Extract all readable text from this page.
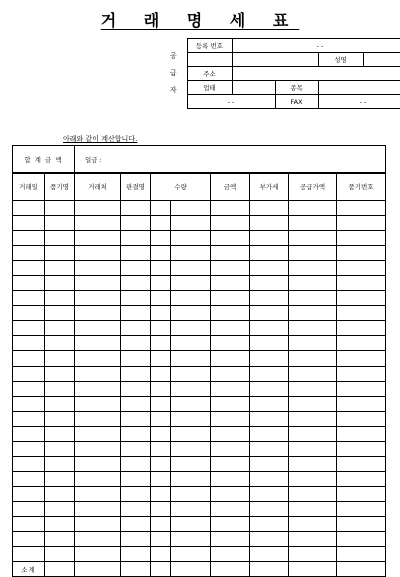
거 래 명 세 표
공
급
자	등록 번호	- -			
				성명	
	주소				
	업태		종목		

	- -		FAX	- -	
아래와 같이 계산합니다.
합 계 금 액	일금 :
거래일	품기명	거래처	판결명	수량		금액	부가세	공급가액	품기번호

소계									
